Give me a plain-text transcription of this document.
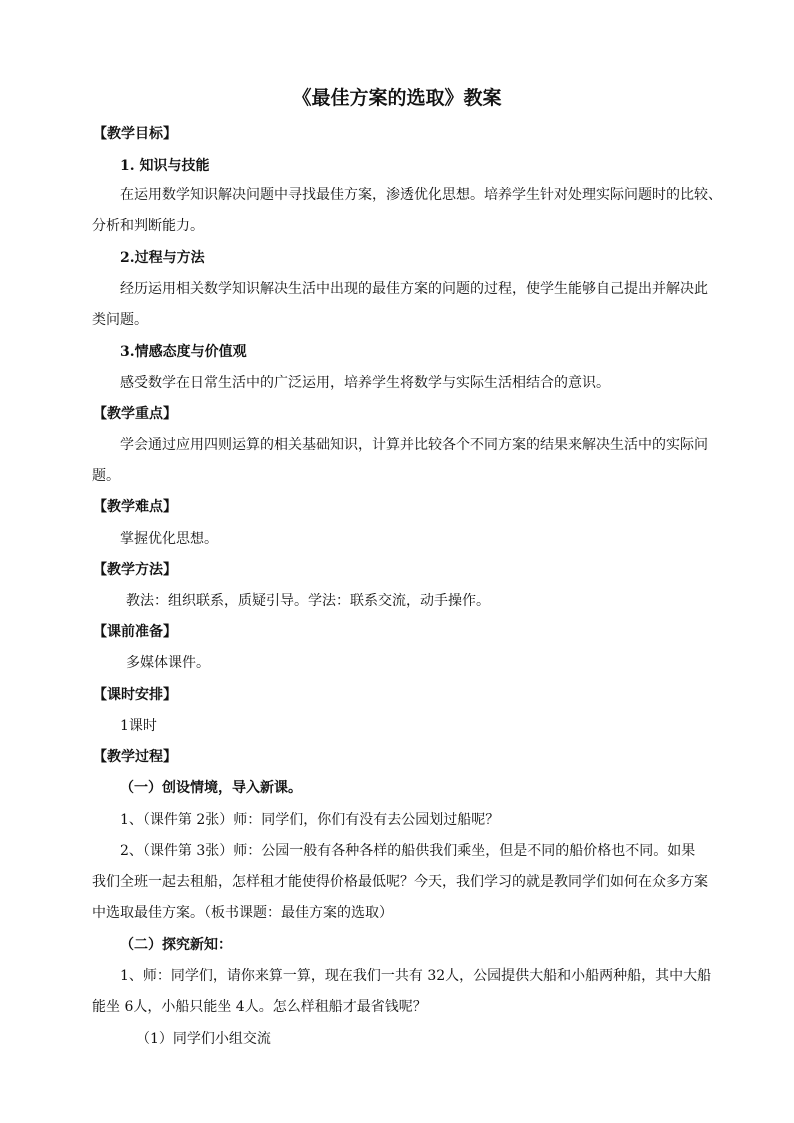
《最佳方案的选取》教案
【教学目标】
1. 知识与技能
在运用数学知识解决问题中寻找最佳方案，渗透优化思想。培养学生针对处理实际问题时的比较、
分析和判断能力。
2.过程与方法
经历运用相关数学知识解决生活中出现的最佳方案的问题的过程，使学生能够自己提出并解决此
类问题。
3.情感态度与价值观
感受数学在日常生活中的广泛运用，培养学生将数学与实际生活相结合的意识。
【教学重点】
学会通过应用四则运算的相关基础知识，计算并比较各个不同方案的结果来解决生活中的实际问
题。
【教学难点】
掌握优化思想。
【教学方法】
教法：组织联系，质疑引导。学法：联系交流，动手操作。
【课前准备】
多媒体课件。
【课时安排】
1课时
【教学过程】
（一）创设情境，导入新课。
1、（课件第 2张）师：同学们，你们有没有去公园划过船呢？
2、（课件第 3张）师：公园一般有各种各样的船供我们乘坐，但是不同的船价格也不同。如果
我们全班一起去租船，怎样租才能使得价格最低呢？今天，我们学习的就是教同学们如何在众多方案
中选取最佳方案。（板书课题：最佳方案的选取）
（二）探究新知：
1、师：同学们，请你来算一算，现在我们一共有 32人，公园提供大船和小船两种船，其中大船
能坐 6人，小船只能坐 4人。怎么样租船才最省钱呢？
（1）同学们小组交流
